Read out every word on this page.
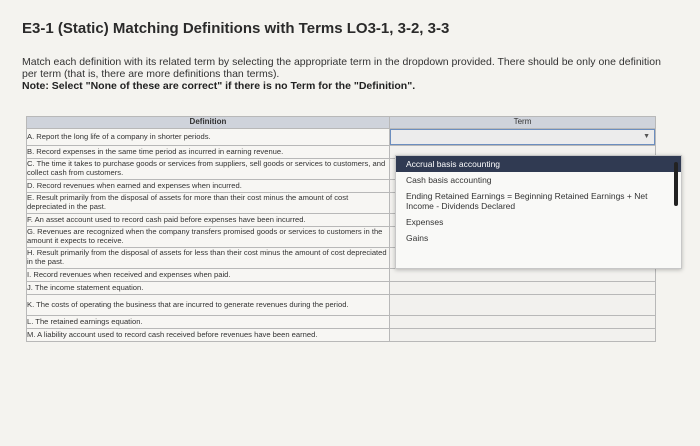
E3-1 (Static) Matching Definitions with Terms LO3-1, 3-2, 3-3
Match each definition with its related term by selecting the appropriate term in the dropdown provided. There should be only one definition per term (that is, there are more definitions than terms).
Note: Select "None of these are correct" if there is no Term for the "Definition".
Definition	Term
A. Report the long life of a company in shorter periods.	▼

B. Record expenses in the same time period as incurred in earning revenue.	
C. The time it takes to purchase goods or services from suppliers, sell goods or services to customers, and collect cash from customers.	
D. Record revenues when earned and expenses when incurred.	
E. Result primarily from the disposal of assets for more than their cost minus the amount of cost depreciated in the past.	
F. An asset account used to record cash paid before expenses have been incurred.	
G. Revenues are recognized when the company transfers promised goods or services to customers in the amount it expects to receive.	
H. Result primarily from the disposal of assets for less than their cost minus the amount of cost depreciated in the past.	
I. Record revenues when received and expenses when paid.	
J. The income statement equation.	
K. The costs of operating the business that are incurred to generate revenues during the period.	
L. The retained earnings equation.	
M. A liability account used to record cash received before revenues have been earned.	
Accrual basis accounting
Cash basis accounting
Ending Retained Earnings = Beginning Retained Earnings + Net Income - Dividends Declared
Expenses
Gains
